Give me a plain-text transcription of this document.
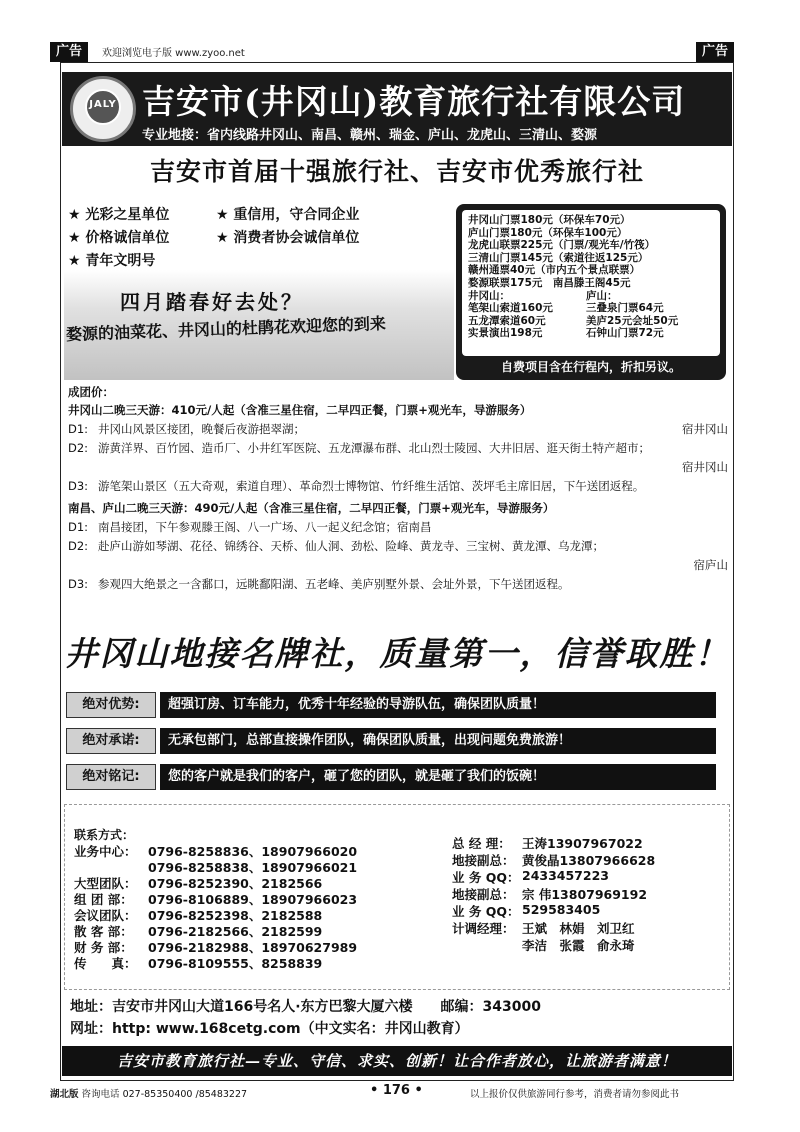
广告	欢迎浏览电子版 www.zyoo.net	广告
JALY 吉安市(井冈山)教育旅行社有限公司
专业地接：省内线路井冈山、南昌、赣州、瑞金、庐山、龙虎山、三清山、婺源
吉安市首届十强旅行社、吉安市优秀旅行社
★ 光彩之星单位	★ 重信用，守合同企业
★ 价格诚信单位	★ 消费者协会诚信单位
★ 青年文明号
四月踏春好去处？
婺源的油菜花、井冈山的杜鹃花欢迎您的到来
井冈山门票180元（环保车70元）
庐山门票180元（环保车100元）
龙虎山联票225元（门票/观光车/竹筏）
三清山门票145元（索道往返125元）
赣州通票40元（市内五个景点联票）
婺源联票175元　南昌滕王阁45元
井冈山：	庐山：
笔架山索道160元	三叠泉门票64元
五龙潭索道60元	美庐25元会址50元
实景演出198元	石钟山门票72元
自费项目含在行程内，折扣另议。
成团价：
井冈山二晚三天游：410元/人起（含准三星住宿，二早四正餐，门票+观光车，导游服务）
D1: 井冈山风景区接团，晚餐后夜游挹翠湖；	宿井冈山
D2: 游黄洋界、百竹园、造币厂、小井红军医院、五龙潭瀑布群、北山烈士陵园、大井旧居、逛天街土特产超市；
宿井冈山
D3: 游笔架山景区（五大奇观，索道自理）、革命烈士博物馆、竹纤维生活馆、茨坪毛主席旧居，下午送团返程。
南昌、庐山二晚三天游：490元/人起（含准三星住宿，二早四正餐，门票+观光车，导游服务）
D1: 南昌接团，下午参观滕王阁、八一广场、八一起义纪念馆；宿南昌
D2: 赴庐山游如琴湖、花径、锦绣谷、天桥、仙人洞、劲松、险峰、黄龙寺、三宝树、黄龙潭、乌龙潭；
宿庐山
D3: 参观四大绝景之一含鄱口，远眺鄱阳湖、五老峰、美庐别墅外景、会址外景，下午送团返程。
井冈山地接名牌社，质量第一，信誉取胜！
绝对优势:	超强订房、订车能力，优秀十年经验的导游队伍，确保团队质量！
绝对承诺:	无承包部门，总部直接操作团队，确保团队质量，出现问题免费旅游！
绝对铭记:	您的客户就是我们的客户，砸了您的团队，就是砸了我们的饭碗！
联系方式：
业务中心： 0796-8258836、18907966020
0796-8258838、18907966021
大型团队： 0796-8252390、2182566
组 团 部：	0796-8106889、18907966023
会议团队： 0796-8252398、2182588
散 客 部：	0796-2182566、2182599
财 务 部：	0796-2182988、18970627989
传　　真： 0796-8109555、8258839
总 经 理： 王涛13907967022
地接副总： 黄俊晶13807966628
业 务 QQ： 2433457223
地接副总： 宗 伟13807969192
业 务 QQ： 529583405
计调经理： 王斌　林娟　刘卫红
李洁　张霞　俞永琦
地址：吉安市井冈山大道166号名人·东方巴黎大厦六楼　　邮编：343000
网址：http: www.168cetg.com（中文实名：井冈山教育）
吉安市教育旅行社—专业、守信、求实、创新！让合作者放心，让旅游者满意！
湖北版 咨询电话 027-85350400 /85483227	• 176 •	以上报价仅供旅游同行参考，消费者请勿参阅此书
